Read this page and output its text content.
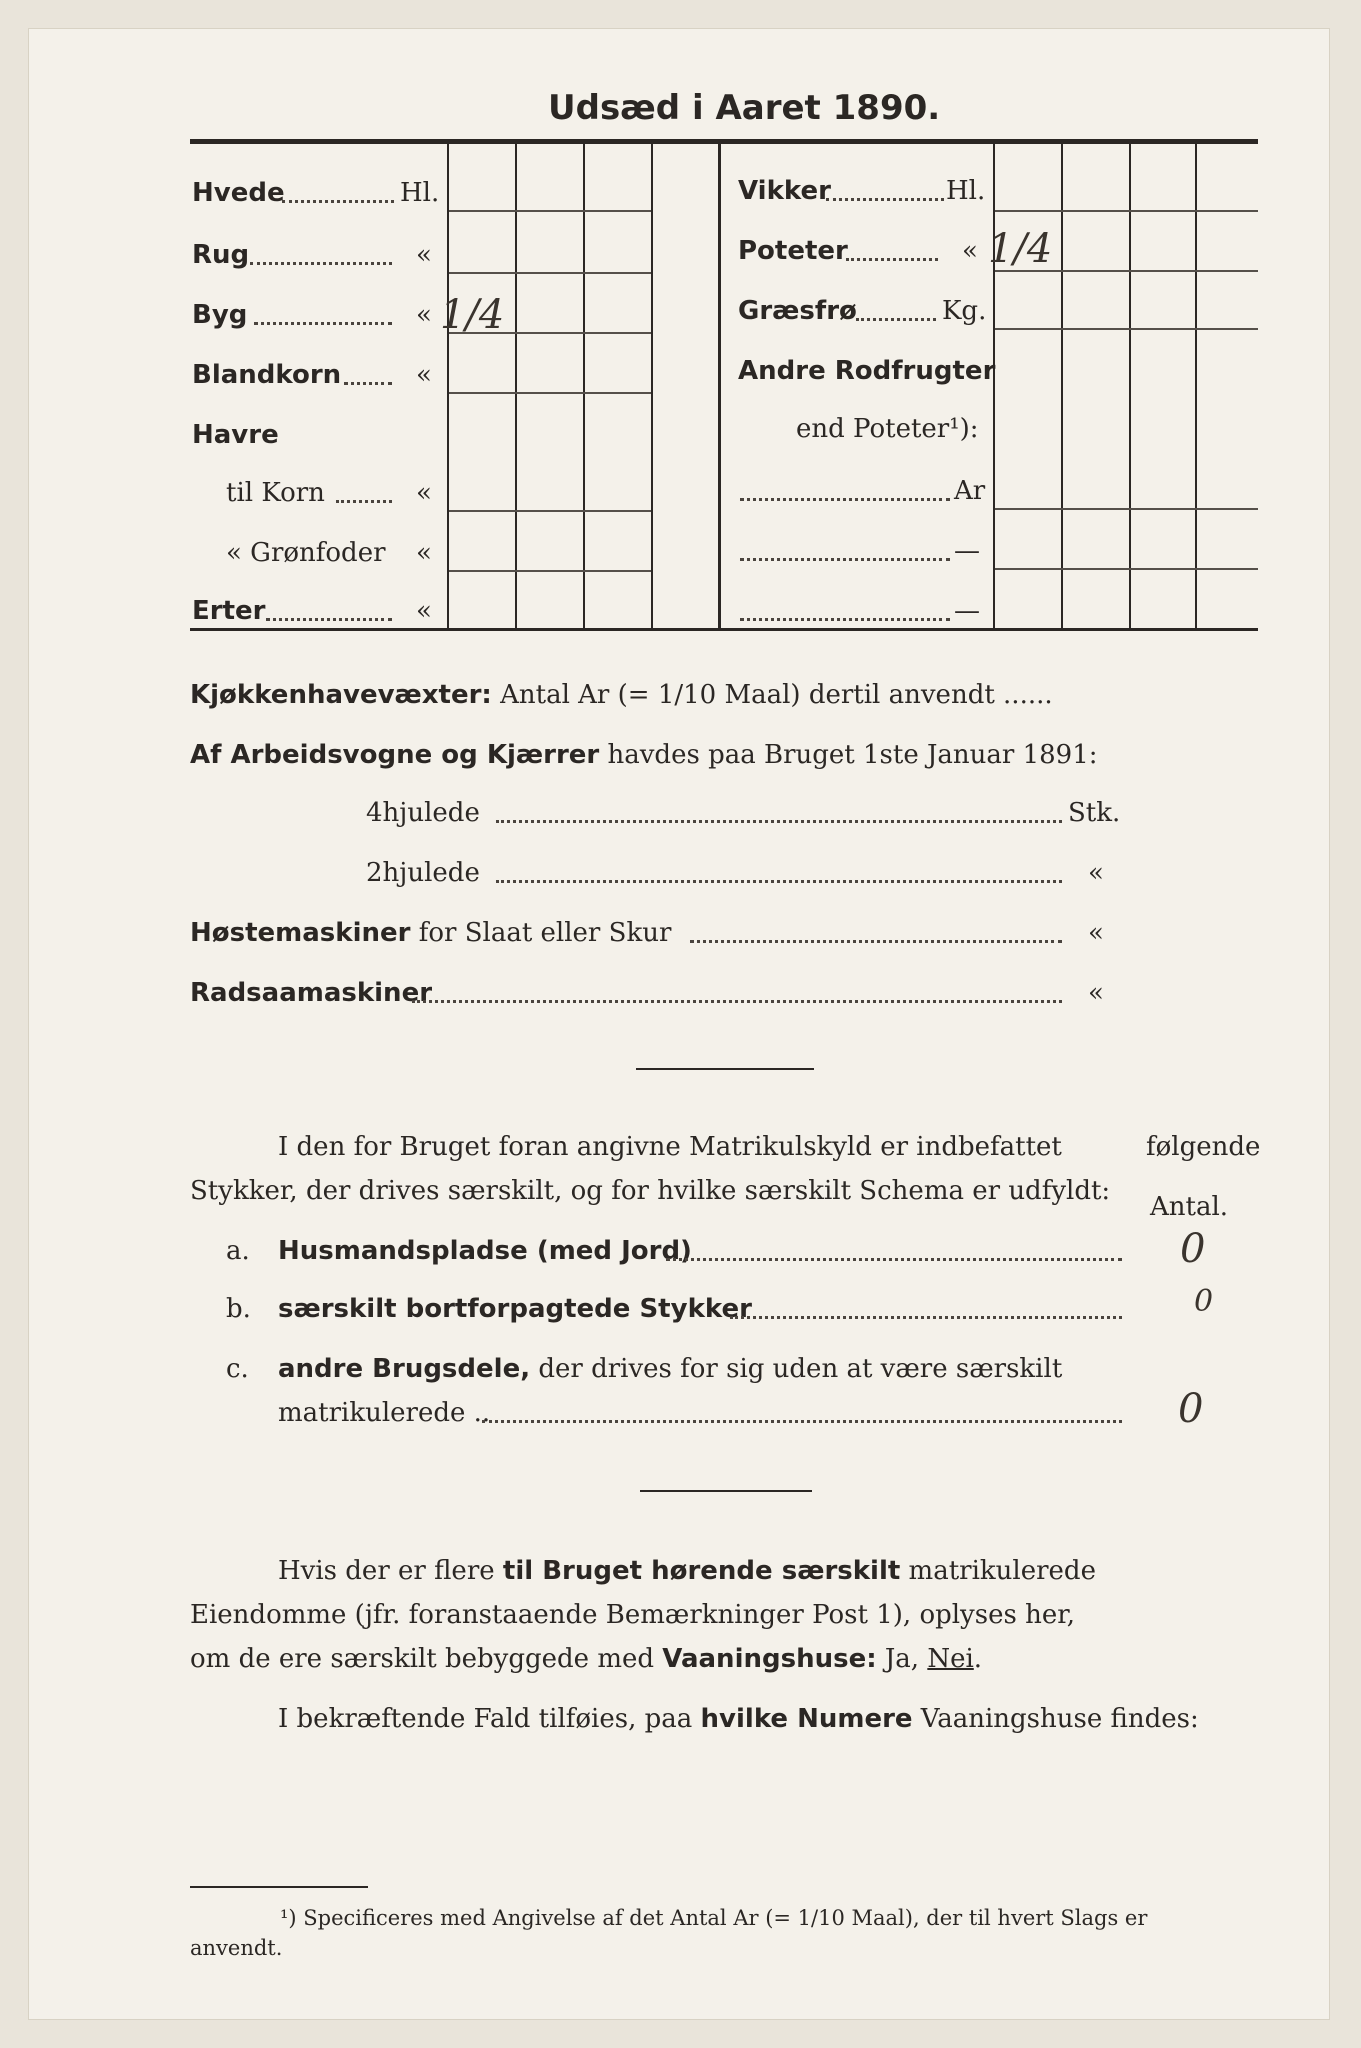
Udsæd i Aaret 1890.
Hvede	Hl.
Rug	«
Byg	« 1/4
Blandkorn	«
Havre
til Korn	«
« Grønfoder «
Erter	«
Vikker	Hl.
Poteter	« 1/4
Græsfrø	Kg.
Andre Rodfrugter
end Poteter¹):
Ar
—
—
Kjøkkenhavevæxter: Antal Ar (= 1/10 Maal) dertil anvendt ......
Af Arbeidsvogne og Kjærrer havdes paa Bruget 1ste Januar 1891:
4hjulede	Stk.
2hjulede	«
Høstemaskiner for Slaat eller Skur	«
Radsaamaskiner	«
I den for Bruget foran angivne Matrikulskyld er indbefattet	følgende
Stykker, der drives særskilt, og for hvilke særskilt Schema er udfyldt:
Antal.
a. Husmandspladse (med Jord)	0
b. særskilt bortforpagtede Stykker	0
c. andre Brugsdele, der drives for sig uden at være særskilt
matrikulerede ..	0
Hvis der er flere til Bruget hørende særskilt matrikulerede
Eiendomme (jfr. foranstaaende Bemærkninger Post 1), oplyses her,
om de ere særskilt bebyggede med Vaaningshuse: Ja, Nei.
I bekræftende Fald tilføies, paa hvilke Numere Vaaningshuse findes:
¹) Specificeres med Angivelse af det Antal Ar (= 1/10 Maal), der til hvert Slags er
anvendt.
